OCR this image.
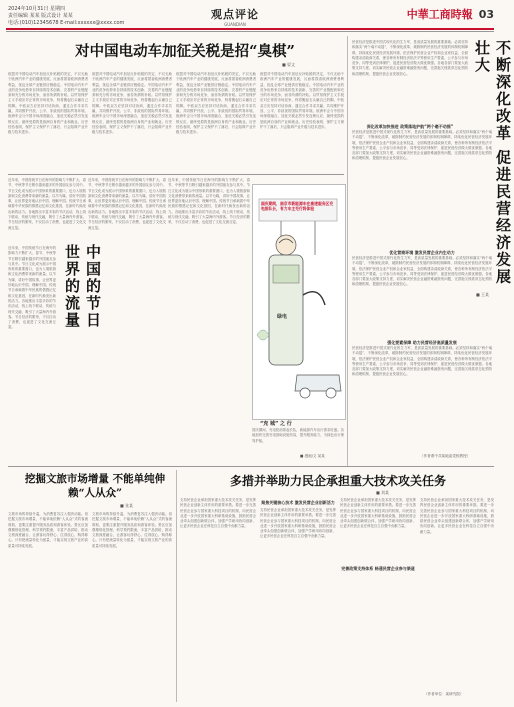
2024年10月31日 星期四
责任编辑 某某 版式设计 某某
电话:(010)12345678 E-mail:xxxxxx@xxxx.com
观点评论
GUANDIAN
中華工商時報 03
对中国电动车加征关税是招“臭棋”
■ 晏文
欧盟对中国电动汽车加征反补贴税的决定，不仅无助于欧洲汽车产业的健康发展，反而将损害欧洲消费者利益，扰乱全球产业链供应链稳定。中国电动汽车产业的竞争优势来自持续的技术创新、完善的产业链配套和充分的市场竞争，而非所谓的补贴。以贸易保护主义手段应对正常的市场竞争，终将搬起石头砸自己的脚。中欧双方应坚持对话协商，通过合作寻求共赢，共同维护开放、公平、非歧视的国际贸易环境。欧洲车企与中国市场深度融合，加征关税必然引发连锁反应，最终受损的是欧洲自身的产业和就业。历史经验表明，保护主义保护不了落后，只会阻碍产业升级与技术进步。
欧盟对中国电动汽车加征反补贴税的决定，不仅无助于欧洲汽车产业的健康发展，反而将损害欧洲消费者利益，扰乱全球产业链供应链稳定。中国电动汽车产业的竞争优势来自持续的技术创新、完善的产业链配套和充分的市场竞争，而非所谓的补贴。以贸易保护主义手段应对正常的市场竞争，终将搬起石头砸自己的脚。中欧双方应坚持对话协商，通过合作寻求共赢，共同维护开放、公平、非歧视的国际贸易环境。欧洲车企与中国市场深度融合，加征关税必然引发连锁反应，最终受损的是欧洲自身的产业和就业。历史经验表明，保护主义保护不了落后，只会阻碍产业升级与技术进步。
欧盟对中国电动汽车加征反补贴税的决定，不仅无助于欧洲汽车产业的健康发展，反而将损害欧洲消费者利益，扰乱全球产业链供应链稳定。中国电动汽车产业的竞争优势来自持续的技术创新、完善的产业链配套和充分的市场竞争，而非所谓的补贴。以贸易保护主义手段应对正常的市场竞争，终将搬起石头砸自己的脚。中欧双方应坚持对话协商，通过合作寻求共赢，共同维护开放、公平、非歧视的国际贸易环境。欧洲车企与中国市场深度融合，加征关税必然引发连锁反应，最终受损的是欧洲自身的产业和就业。历史经验表明，保护主义保护不了落后，只会阻碍产业升级与技术进步。
欧盟对中国电动汽车加征反补贴税的决定，不仅无助于欧洲汽车产业的健康发展，反而将损害欧洲消费者利益，扰乱全球产业链供应链稳定。中国电动汽车产业的竞争优势来自持续的技术创新、完善的产业链配套和充分的市场竞争，而非所谓的补贴。以贸易保护主义手段应对正常的市场竞争，终将搬起石头砸自己的脚。中欧双方应坚持对话协商，通过合作寻求共赢，共同维护开放、公平、非歧视的国际贸易环境。欧洲车企与中国市场深度融合，加征关税必然引发连锁反应，最终受损的是欧洲自身的产业和就业。历史经验表明，保护主义保护不了落后，只会阻碍产业升级与技术进步。
近年来，中国传统节日在海外的影响力不断扩大，春节、中秋等节日吸引越来越多的外国朋友参与其中。节日文化成为展示中国形象的重要窗口，也为入境旅游和文化消费带来新的流量。以节为媒，讲好中国故事，让世界更好地认识中国、理解中国。传统节日承载着中华民族的情感记忆和文化基因，在新时代焕发出新的活力。各地推出丰富多彩的节庆活动，线上线下联动，传统与现代交融，吸引了大量海内外游客。节日经济的繁荣，不仅拉动了消费，也促进了文化交流互鉴。
中国的节日 世界的流量
近年来，中国传统节日在海外的影响力不断扩大，春节、中秋等节日吸引越来越多的外国朋友参与其中。节日文化成为展示中国形象的重要窗口，也为入境旅游和文化消费带来新的流量。以节为媒，讲好中国故事，让世界更好地认识中国、理解中国。传统节日承载着中华民族的情感记忆和文化基因，在新时代焕发出新的活力。各地推出丰富多彩的节庆活动，线上线下联动，传统与现代交融，吸引了大量海内外游客。节日经济的繁荣，不仅拉动了消费，也促进了文化交流互鉴。
近年来，中国传统节日在海外的影响力不断扩大，春节、中秋等节日吸引越来越多的外国朋友参与其中。节日文化成为展示中国形象的重要窗口，也为入境旅游和文化消费带来新的流量。以节为媒，讲好中国故事，让世界更好地认识中国、理解中国。传统节日承载着中华民族的情感记忆和文化基因，在新时代焕发出新的活力。各地推出丰富多彩的节庆活动，线上线下联动，传统与现代交融，吸引了大量海内外游客。节日经济的繁荣，不仅拉动了消费，也促进了文化交流互鉴。
近年来，中国传统节日在海外的影响力不断扩大，春节、中秋等节日吸引越来越多的外国朋友参与其中。节日文化成为展示中国形象的重要窗口，也为入境旅游和文化消费带来新的流量。以节为媒，讲好中国故事，让世界更好地认识中国、理解中国。传统节日承载着中华民族的情感记忆和文化基因，在新时代焕发出新的活力。各地推出丰富多彩的节庆活动，线上线下联动，传统与现代交融，吸引了大量海内外游客。节日经济的繁荣，不仅拉动了消费，也促进了文化交流互鉴。
国庆期间，南京市新能源车在高速服务区充电排队长，有力车主充行将体验
绿电
“充 城” 之 行
国庆期间，充电桩前排起长队，新能源汽车出行需求旺盛。各地加快完善充电基础设施布局，提升服务能力，为绿色出行保驾护航。
■ 漫画/文 某某
不断深化改革 促进民营经济发展壮大
■ 王某
民营经济是推进中国式现代化的生力军，是高质量发展的重要基础。必须坚持和落实“两个毫不动摇”，不断深化改革，破除制约民营经济发展的体制机制障碍，持续优化民营经济发展环境，依法保护民营企业产权和企业家权益，全面构建亲清政商关系，使各种所有制经济依法平等使用生产要素、公平参与市场竞争、同等受到法律保护，促进民营经济做大做优做强。各地各部门要加大政策支持力度，切实解决民营企业融资难融资贵问题，完善拖欠账款常态化预防和清理机制，提振民营企业发展信心。
深化改革加快推进 政策落地护航“两个毫不动摇”
民营经济是推进中国式现代化的生力军，是高质量发展的重要基础。必须坚持和落实“两个毫不动摇”，不断深化改革，破除制约民营经济发展的体制机制障碍，持续优化民营经济发展环境，依法保护民营企业产权和企业家权益，全面构建亲清政商关系，使各种所有制经济依法平等使用生产要素、公平参与市场竞争、同等受到法律保护，促进民营经济做大做优做强。各地各部门要加大政策支持力度，切实解决民营企业融资难融资贵问题，完善拖欠账款常态化预防和清理机制，提振民营企业发展信心。
优化营商环境 激发民营企业内生动力
民营经济是推进中国式现代化的生力军，是高质量发展的重要基础。必须坚持和落实“两个毫不动摇”，不断深化改革，破除制约民营经济发展的体制机制障碍，持续优化民营经济发展环境，依法保护民营企业产权和企业家权益，全面构建亲清政商关系，使各种所有制经济依法平等使用生产要素、公平参与市场竞争、同等受到法律保护，促进民营经济做大做优做强。各地各部门要加大政策支持力度，切实解决民营企业融资难融资贵问题，完善拖欠账款常态化预防和清理机制，提振民营企业发展信心。
强化要素保障 助力民营经济高质量发展
民营经济是推进中国式现代化的生力军，是高质量发展的重要基础。必须坚持和落实“两个毫不动摇”，不断深化改革，破除制约民营经济发展的体制机制障碍，持续优化民营经济发展环境，依法保护民营企业产权和企业家权益，全面构建亲清政商关系，使各种所有制经济依法平等使用生产要素、公平参与市场竞争、同等受到法律保护，促进民营经济做大做优做强。各地各部门要加大政策支持力度，切实解决民营企业融资难融资贵问题，完善拖欠账款常态化预防和清理机制，提振民营企业发展信心。
（作者系中共某地委党校教授）
挖掘文旅市场增量 不能单纯伸赖“人从众”
■ 张某
文旅市场的持续升温，为消费复苏注入强劲动能。但挖掘文旅市场增量，不能单纯依赖“人从众”式的客流堆积，更要注重提升服务品质和游客体验。景区应加强精细化管理，科学预约限流，丰富产品供给，推动文旅深度融合，让游客玩得舒心、住得放心、购得称心。只有把流量转化为留量，才能实现文旅产业的高质量可持续发展。
文旅市场的持续升温，为消费复苏注入强劲动能。但挖掘文旅市场增量，不能单纯依赖“人从众”式的客流堆积，更要注重提升服务品质和游客体验。景区应加强精细化管理，科学预约限流，丰富产品供给，推动文旅深度融合，让游客玩得舒心、住得放心、购得称心。只有把流量转化为留量，才能实现文旅产业的高质量可持续发展。
多措并举助力民企承担重大技术攻关任务
■ 刘某
支持民营企业承担国家重大技术攻关任务，是发挥民营企业创新主体作用的重要举措。要进一步完善民营企业参与国家重大科技项目的机制，向民营企业进一步开放国家重大科研基础设施，鼓励民营企业牵头组建创新联合体，加强产学研用协同创新，让更多民营企业在科技自立自强中贡献力量。
聚焦关键核心技术 激发民营企业创新活力
支持民营企业承担国家重大技术攻关任务，是发挥民营企业创新主体作用的重要举措。要进一步完善民营企业参与国家重大科技项目的机制，向民营企业进一步开放国家重大科研基础设施，鼓励民营企业牵头组建创新联合体，加强产学研用协同创新，让更多民营企业在科技自立自强中贡献力量。
完善政策支持体系 畅通民营企业参与渠道
支持民营企业承担国家重大技术攻关任务，是发挥民营企业创新主体作用的重要举措。要进一步完善民营企业参与国家重大科技项目的机制，向民营企业进一步开放国家重大科研基础设施，鼓励民营企业牵头组建创新联合体，加强产学研用协同创新，让更多民营企业在科技自立自强中贡献力量。
支持民营企业承担国家重大技术攻关任务，是发挥民营企业创新主体作用的重要举措。要进一步完善民营企业参与国家重大科技项目的机制，向民营企业进一步开放国家重大科研基础设施，鼓励民营企业牵头组建创新联合体，加强产学研用协同创新，让更多民营企业在科技自立自强中贡献力量。
（作者单位：某研究院）
